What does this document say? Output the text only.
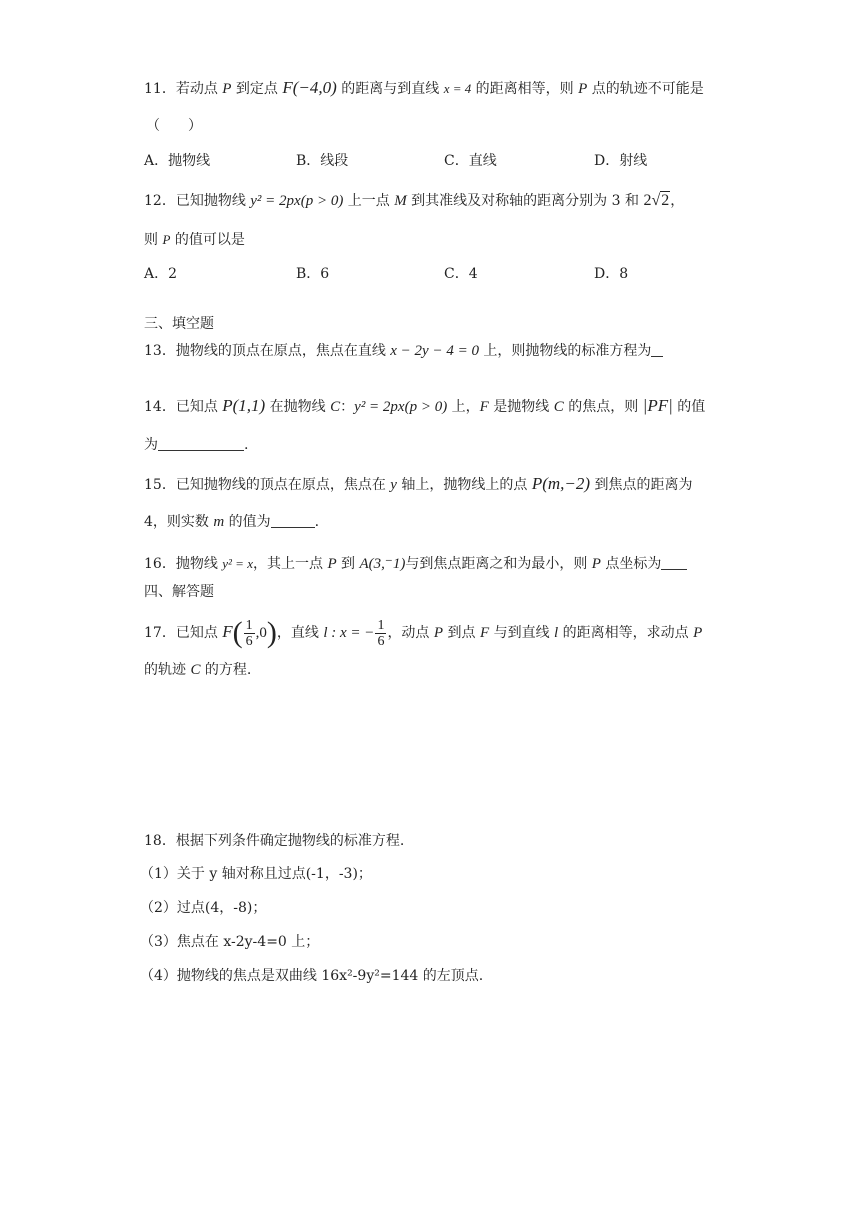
11．若动点 P 到定点 F(−4,0) 的距离与到直线 x = 4 的距离相等，则 P 点的轨迹不可能是
（　　）
A．抛物线	B．线段	C．直线	D．射线
12．已知抛物线 y² = 2px(p > 0) 上一点 M 到其准线及对称轴的距离分别为 3 和 2√2，
则 P 的值可以是
A．2	B．6	C．4	D．8
三、填空题
13．抛物线的顶点在原点，焦点在直线 x − 2y − 4 = 0 上，则抛物线的标准方程为
14．已知点 P(1,1) 在抛物线 C：y² = 2px(p > 0) 上，F 是抛物线 C 的焦点，则 |PF| 的值
为	.
15．已知抛物线的顶点在原点，焦点在 y 轴上，抛物线上的点 P(m,−2) 到焦点的距离为
4，则实数 m 的值为	.
16．抛物线 y² = x，其上一点 P 到 A(3,⁻1)与到焦点距离之和为最小，则 P 点坐标为
四、解答题
17．已知点 $F( \frac{1}{6} ,0)$，直线 l : x = − $\frac{1}{6}$ ，动点 P 到点 F 与到直线 l 的距离相等，求动点 P
的轨迹 C 的方程.
18．根据下列条件确定抛物线的标准方程.
（1）关于 y 轴对称且过点(-1，-3)；
（2）过点(4，-8)；
（3）焦点在 x-2y-4=0 上；
（4）抛物线的焦点是双曲线 16x²-9y²=144 的左顶点.
